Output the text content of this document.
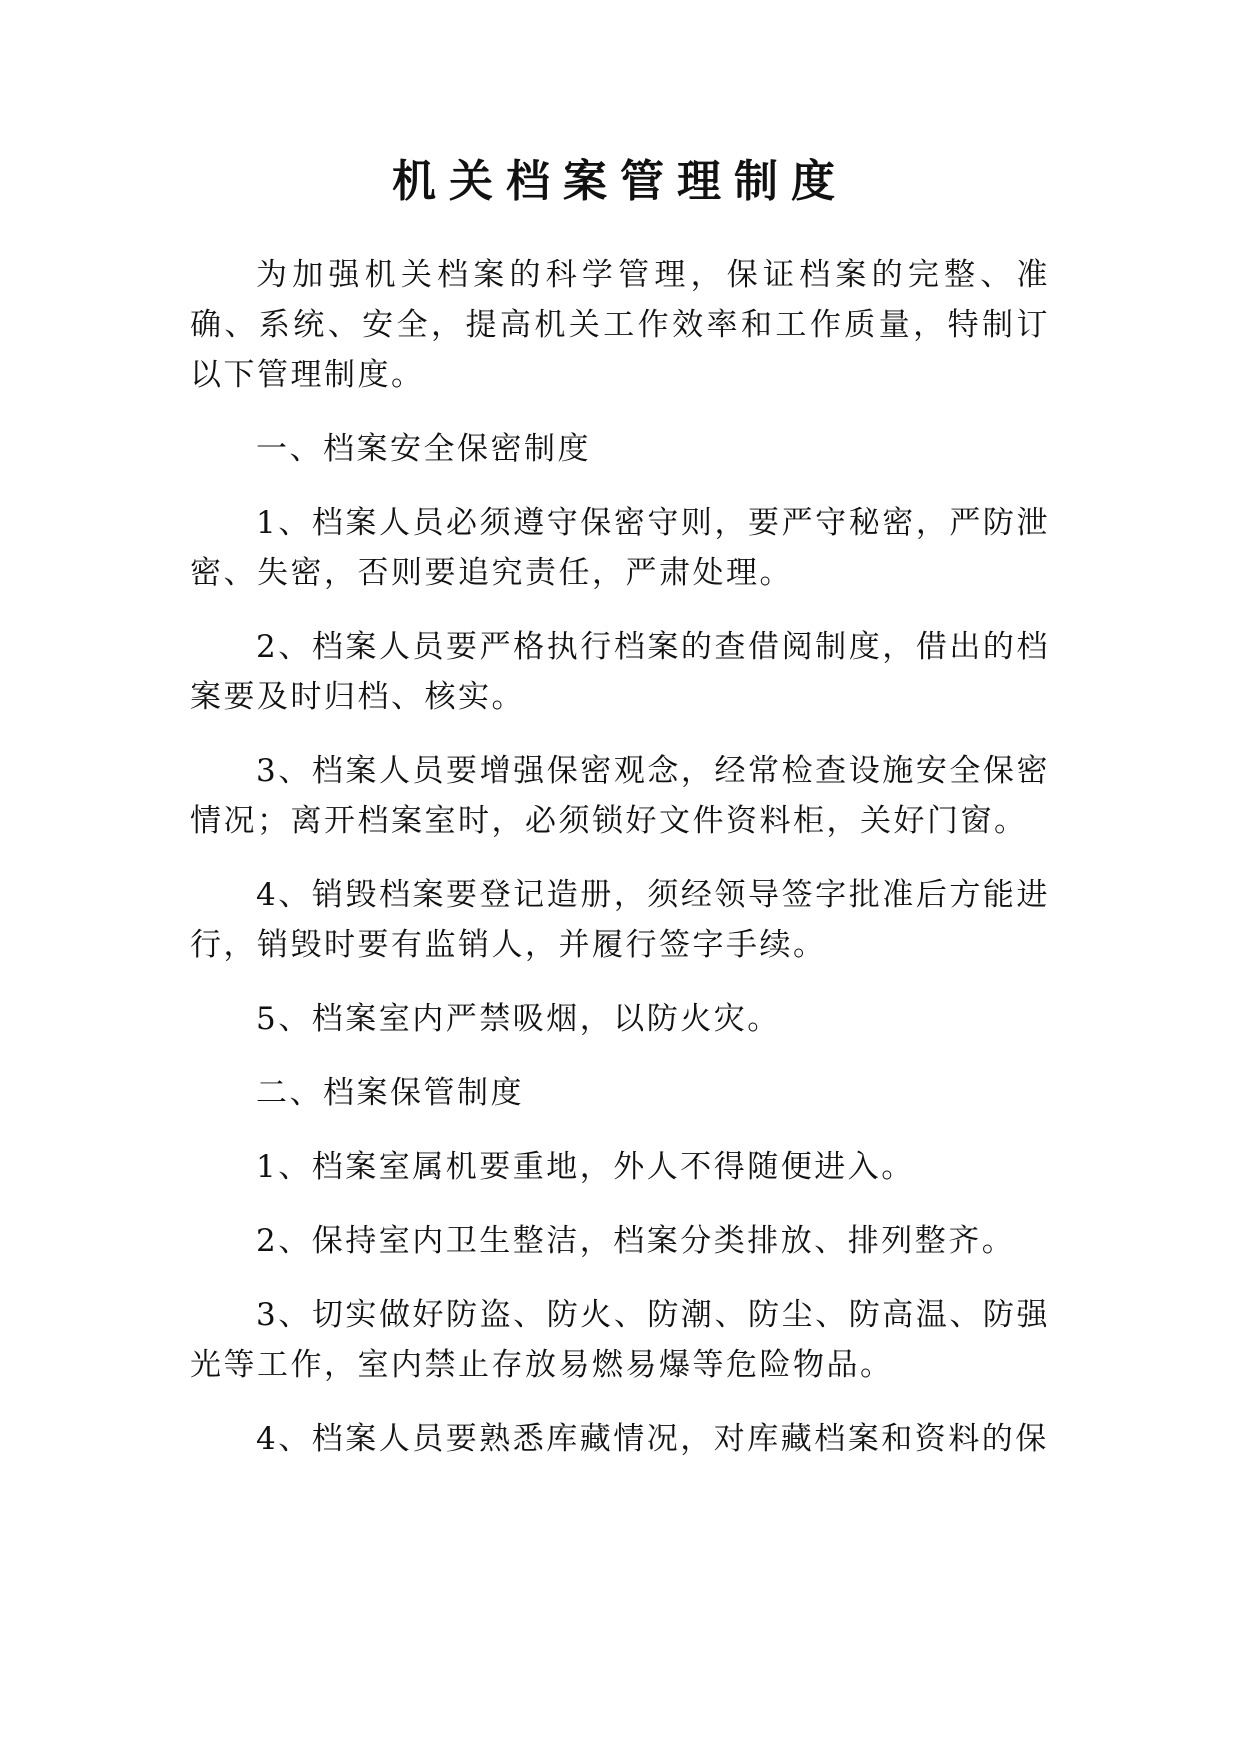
机关档案管理制度

为加强机关档案的科学管理，保证档案的完整、准确、系统、安全，提高机关工作效率和工作质量，特制订以下管理制度。

一、档案安全保密制度

1、档案人员必须遵守保密守则，要严守秘密，严防泄密、失密，否则要追究责任，严肃处理。

2、档案人员要严格执行档案的查借阅制度，借出的档案要及时归档、核实。

3、档案人员要增强保密观念，经常检查设施安全保密情况；离开档案室时，必须锁好文件资料柜，关好门窗。

4、销毁档案要登记造册，须经领导签字批准后方能进行，销毁时要有监销人，并履行签字手续。

5、档案室内严禁吸烟，以防火灾。

二、档案保管制度

1、档案室属机要重地，外人不得随便进入。

2、保持室内卫生整洁，档案分类排放、排列整齐。

3、切实做好防盗、防火、防潮、防尘、防高温、防强光等工作，室内禁止存放易燃易爆等危险物品。

4、档案人员要熟悉库藏情况，对库藏档案和资料的保
